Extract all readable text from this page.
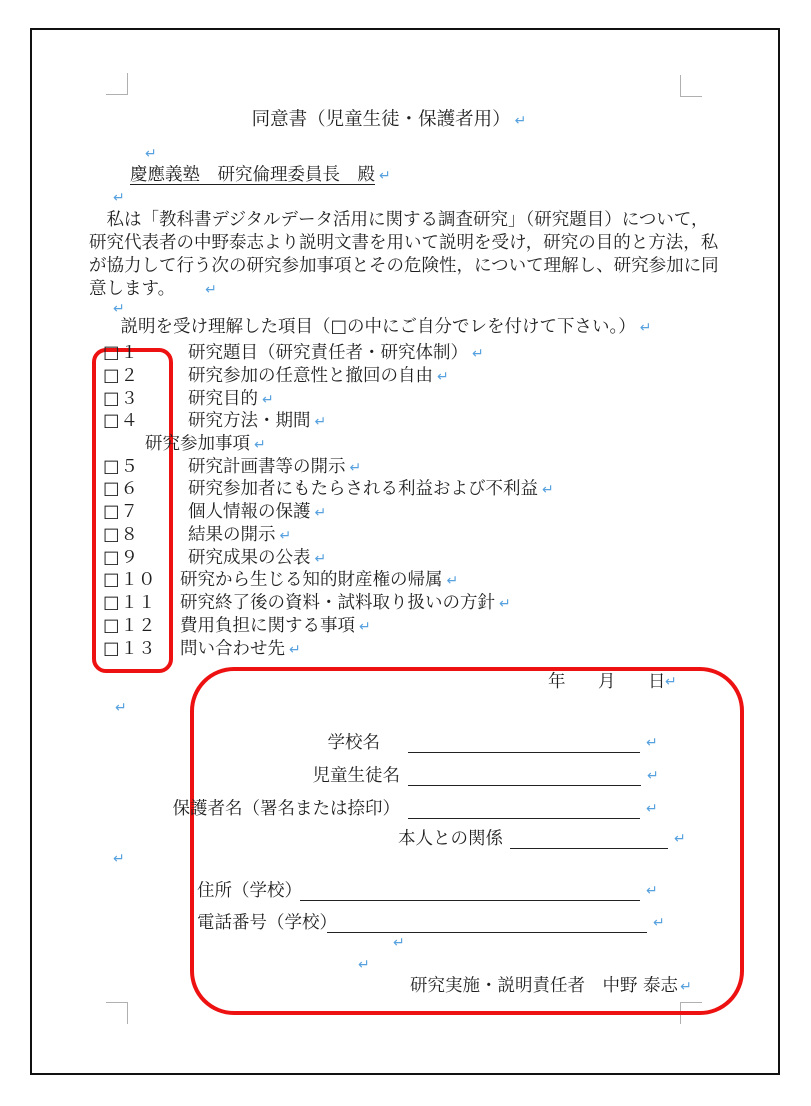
同意書（児童生徒・保護者用） ↵
↵
慶應義塾　研究倫理委員長　殿 ↵
↵
　私は「教科書デジタルデータ活用に関する調査研究」（研究題目）について，
研究代表者の中野泰志より説明文書を用いて説明を受け，研究の目的と方法，私
が協力して行う次の研究参加事項とその危険性，について理解し、研究参加に同
意します。 ↵
↵
　説明を受け理解した項目（□の中にご自分でレを付けて下さい。） ↵
□１	研究題目（研究責任者・研究体制） ↵
□２	研究参加の任意性と撤回の自由 ↵
□３	研究目的 ↵
□４	研究方法・期間 ↵
研究参加事項 ↵
□５	研究計画書等の開示 ↵
□６	研究参加者にもたらされる利益および不利益 ↵
□７	個人情報の保護 ↵
□８	結果の開示 ↵
□９	研究成果の公表 ↵
□１０ 研究から生じる知的財産権の帰属 ↵
□１１ 研究終了後の資料・試料取り扱いの方針 ↵
□１２ 費用負担に関する事項 ↵
□１３ 問い合わせ先 ↵
年 月 日 ↵
↵
学校名	↵
児童生徒名	↵
保護者名（署名または捺印）	↵
本人との関係	↵
↵
住所（学校）	↵
電話番号（学校）	↵
↵
↵
研究実施・説明責任者　中野 泰志 ↵
